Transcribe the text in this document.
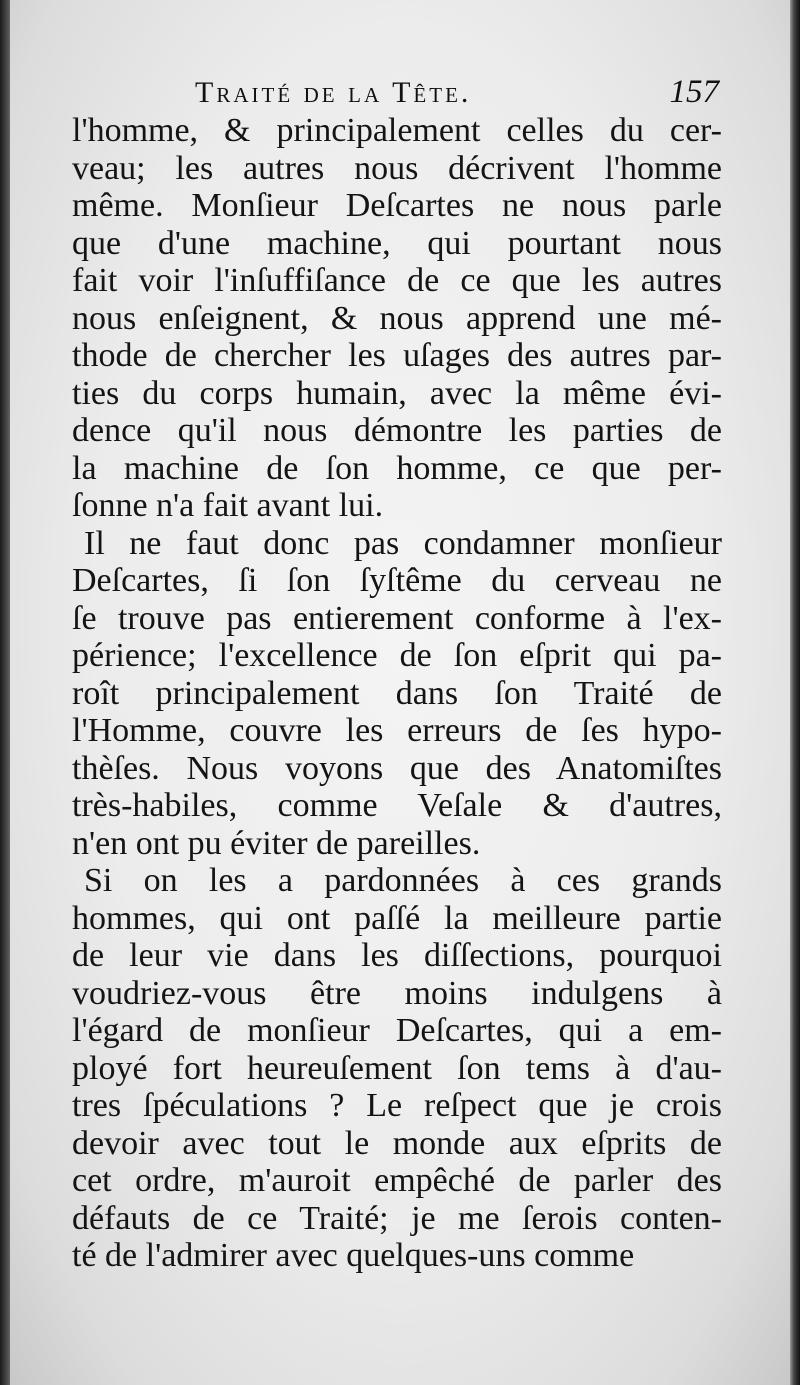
Traité de la Tête.	157
l'homme, & principalement celles du cer-
veau; les autres nous décrivent l'homme
même. Monſieur Deſcartes ne nous parle
que d'une machine, qui pourtant nous
fait voir l'inſuffiſance de ce que les autres
nous enſeignent, & nous apprend une mé-
thode de chercher les uſages des autres par-
ties du corps humain, avec la même évi-
dence qu'il nous démontre les parties de
la machine de ſon homme, ce que per-
ſonne n'a fait avant lui.
Il ne faut donc pas condamner monſieur
Deſcartes, ſi ſon ſyſtême du cerveau ne
ſe trouve pas entierement conforme à l'ex-
périence; l'excellence de ſon eſprit qui pa-
roît principalement dans ſon Traité de
l'Homme, couvre les erreurs de ſes hypo-
thèſes. Nous voyons que des Anatomiſtes
très-habiles, comme Veſale & d'autres,
n'en ont pu éviter de pareilles.
Si on les a pardonnées à ces grands
hommes, qui ont paſſé la meilleure partie
de leur vie dans les diſſections, pourquoi
voudriez-vous être moins indulgens à
l'égard de monſieur Deſcartes, qui a em-
ployé fort heureuſement ſon tems à d'au-
tres ſpéculations ? Le reſpect que je crois
devoir avec tout le monde aux eſprits de
cet ordre, m'auroit empêché de parler des
défauts de ce Traité; je me ſerois conten-
té de l'admirer avec quelques-uns comme
